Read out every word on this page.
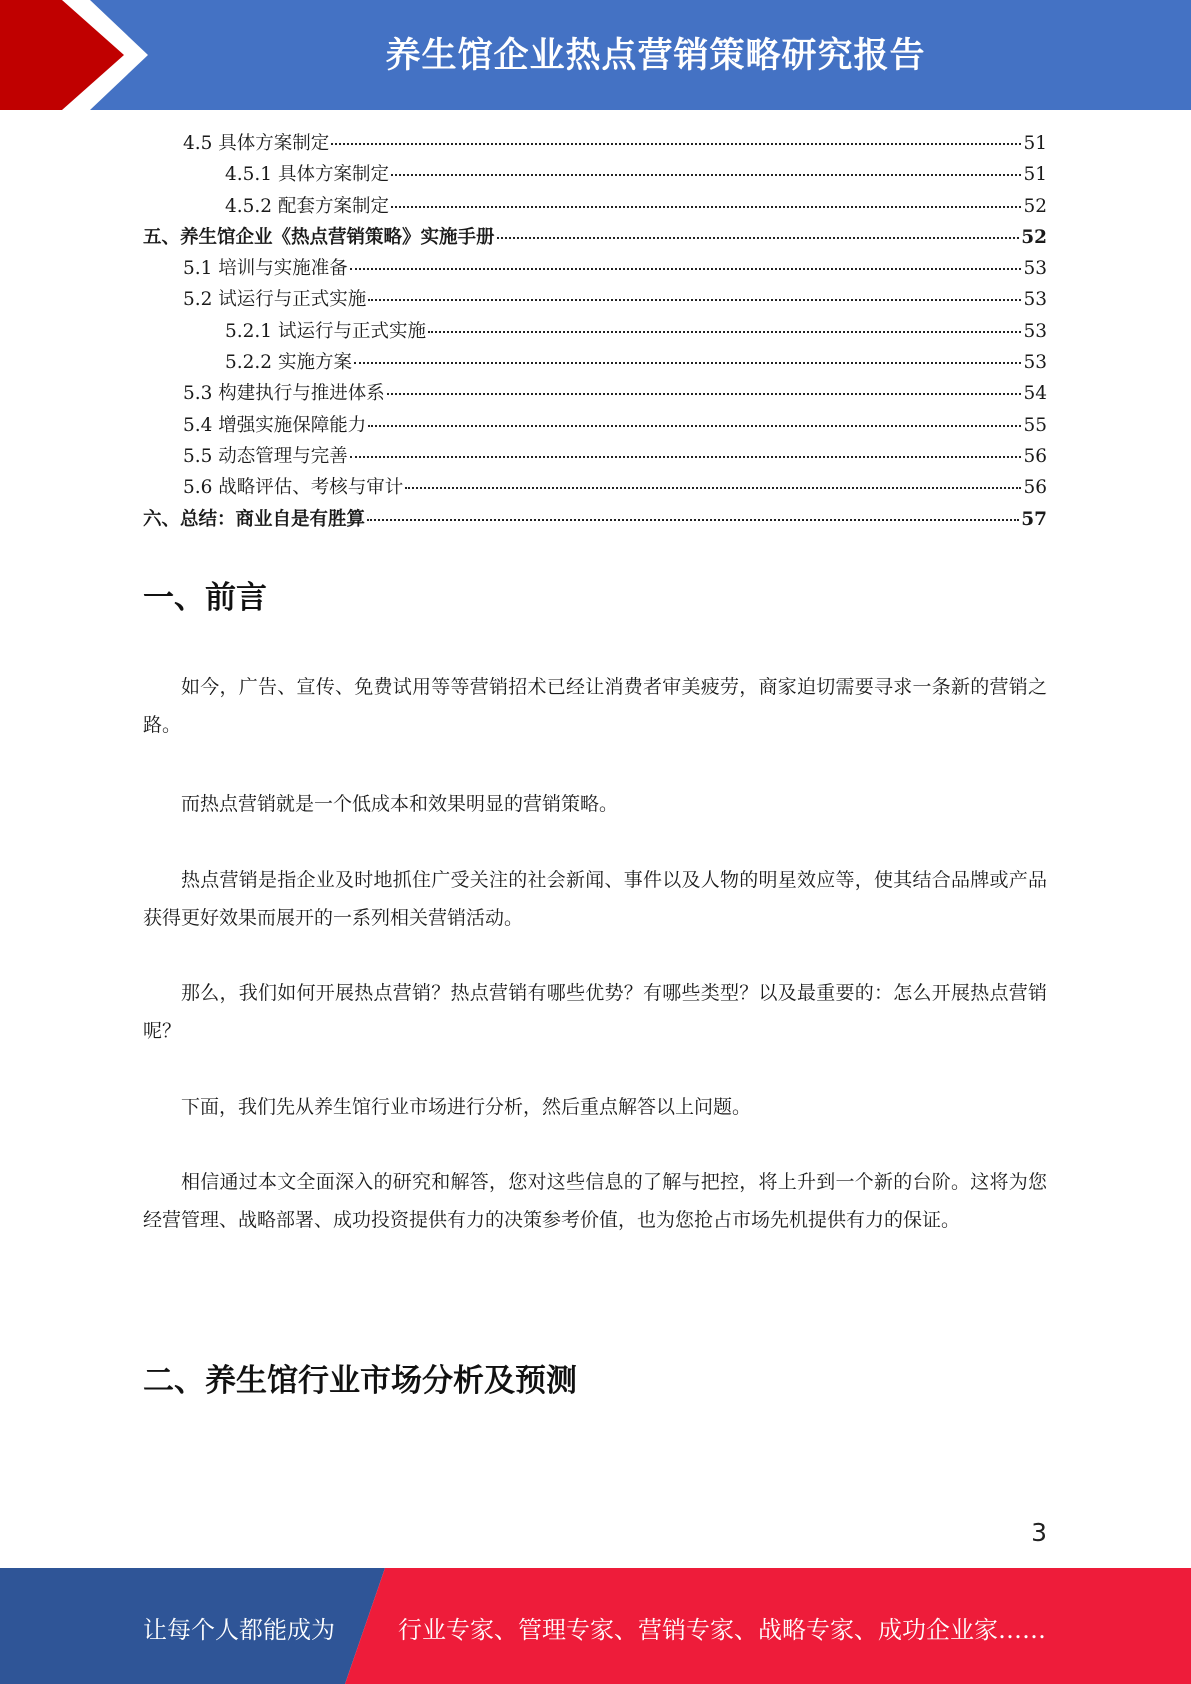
养生馆企业热点营销策略研究报告
4.5 具体方案制定	51
4.5.1 具体方案制定	51
4.5.2 配套方案制定	52
五、养生馆企业《热点营销策略》实施手册	52
5.1 培训与实施准备	53
5.2 试运行与正式实施	53
5.2.1 试运行与正式实施	53
5.2.2 实施方案	53
5.3 构建执行与推进体系	54
5.4 增强实施保障能力	55
5.5 动态管理与完善	56
5.6 战略评估、考核与审计	56
六、总结：商业自是有胜算	57
一、前言

如今，广告、宣传、免费试用等等营销招术已经让消费者审美疲劳，商家迫切需要寻求一条新的营销之路。

而热点营销就是一个低成本和效果明显的营销策略。

热点营销是指企业及时地抓住广受关注的社会新闻、事件以及人物的明星效应等，使其结合品牌或产品获得更好效果而展开的一系列相关营销活动。

那么，我们如何开展热点营销？热点营销有哪些优势？有哪些类型？以及最重要的：怎么开展热点营销呢？

下面，我们先从养生馆行业市场进行分析，然后重点解答以上问题。

相信通过本文全面深入的研究和解答，您对这些信息的了解与把控，将上升到一个新的台阶。这将为您经营管理、战略部署、成功投资提供有力的决策参考价值，也为您抢占市场先机提供有力的保证。

二、养生馆行业市场分析及预测
3
让每个人都能成为	行业专家、管理专家、营销专家、战略专家、成功企业家……
